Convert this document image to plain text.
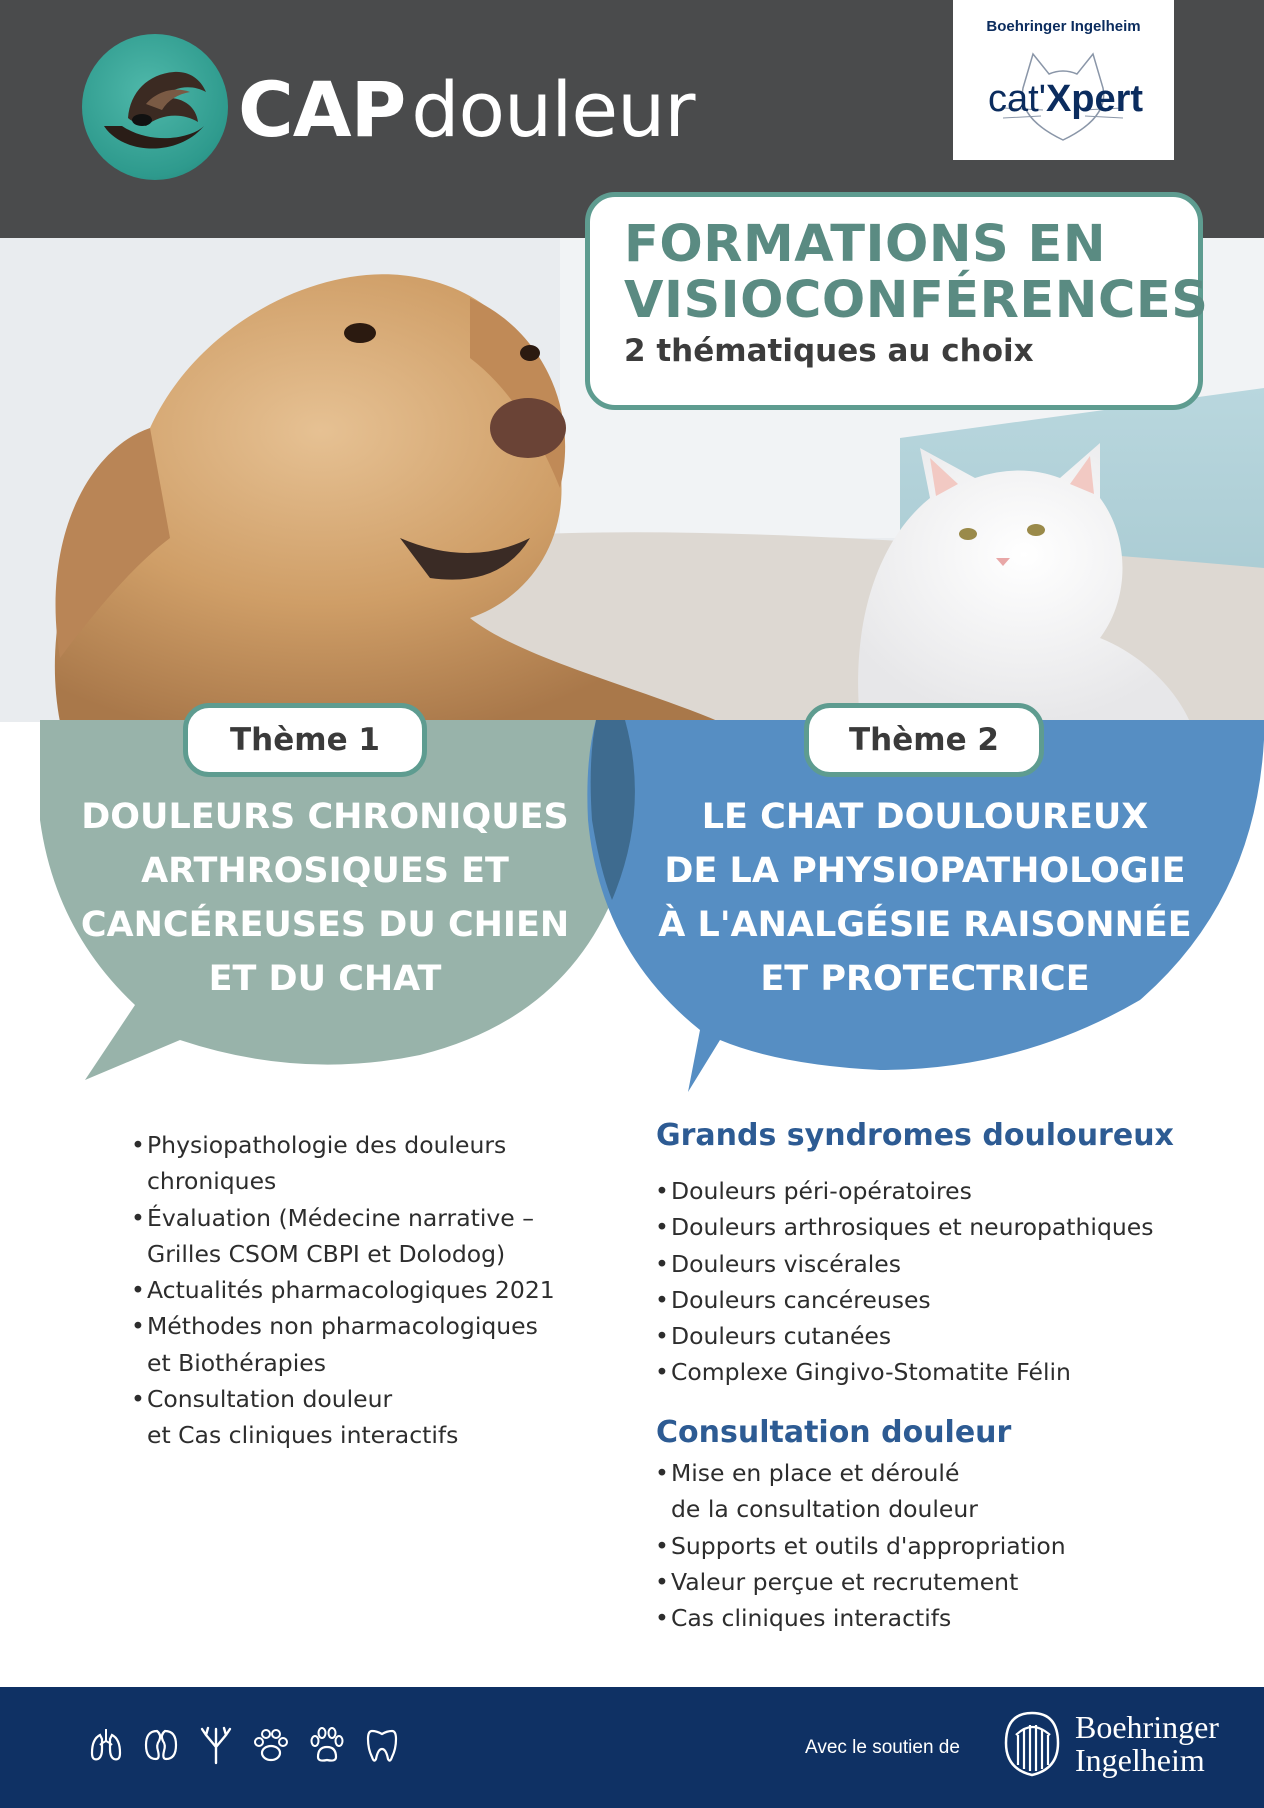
CAPdouleur
Boehringer Ingelheim
cat'Xpert
FORMATIONS EN
VISIOCONFÉRENCES
2 thématiques au choix
Thème 1	Thème 2
DOULEURS CHRONIQUES
ARTHROSIQUES ET
CANCÉREUSES DU CHIEN
ET DU CHAT
LE CHAT DOULOUREUX
DE LA PHYSIOPATHOLOGIE
À L'ANALGÉSIE RAISONNÉE
ET PROTECTRICE
• Physiopathologie des douleurs
chroniques
• Évaluation (Médecine narrative –
Grilles CSOM CBPI et Dolodog)
• Actualités pharmacologiques 2021
• Méthodes non pharmacologiques
et Biothérapies
• Consultation douleur
et Cas cliniques interactifs
Grands syndromes douloureux
• Douleurs péri-opératoires
• Douleurs arthrosiques et neuropathiques
• Douleurs viscérales
• Douleurs cancéreuses
• Douleurs cutanées
• Complexe Gingivo-Stomatite Félin
Consultation douleur
• Mise en place et déroulé
de la consultation douleur
• Supports et outils d'appropriation
• Valeur perçue et recrutement
• Cas cliniques interactifs
Avec le soutien de
Boehringer
Ingelheim
